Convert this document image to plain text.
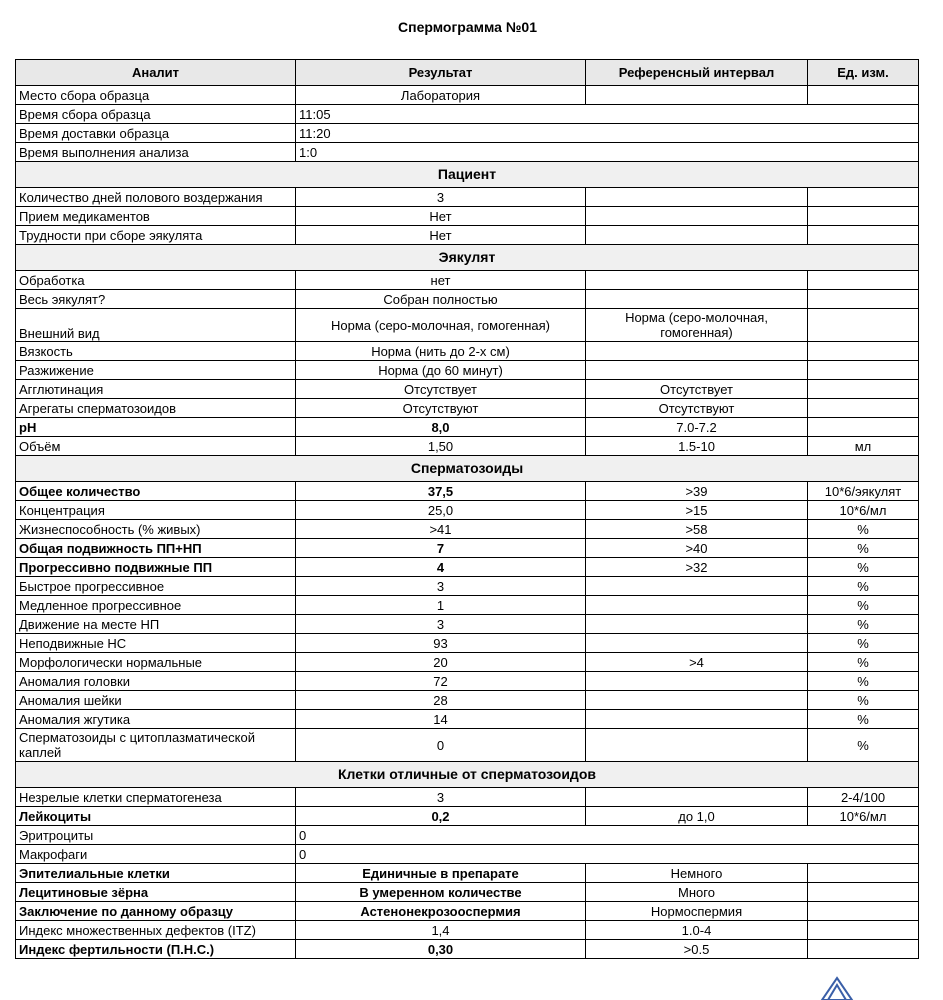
Спермограмма №01
Аналит	Результат	Референсный интервал	Ед. изм.
Место сбора образца	Лаборатория		
Время сбора образца	11:05		
Время доставки образца	11:20		
Время выполнения анализа	1:0		
Пациент			
Количество дней полового воздержания	3		
Прием медикаментов	Нет		
Трудности при сборе эякулята	Нет		
Эякулят			
Обработка	нет		
Весь эякулят?	Собран полностью		
Внешний вид	Норма (серо-молочная, гомогенная)	Норма (серо-молочная, гомогенная)	
Вязкость	Норма (нить до 2-х см)		
Разжижение	Норма (до 60 минут)		
Агглютинация	Отсутствует	Отсутствует	
Агрегаты сперматозоидов	Отсутствуют	Отсутствуют	
pH	8,0	7.0-7.2	
Объём	1,50	1.5-10	мл
Сперматозоиды			
Общее количество	37,5	>39	10*6/эякулят
Концентрация	25,0	>15	10*6/мл
Жизнеспособность (% живых)	>41	>58	%
Общая подвижность ПП+НП	7	>40	%
Прогрессивно подвижные ПП	4	>32	%
Быстрое прогрессивное	3		%
Медленное прогрессивное	1		%
Движение на месте НП	3		%
Неподвижные НС	93		%
Морфологически нормальные	20	>4	%
Аномалия головки	72		%
Аномалия шейки	28		%
Аномалия жгутика	14		%
Сперматозоиды с цитоплазматической каплей	0		%
Клетки отличные от сперматозоидов			
Незрелые клетки сперматогенеза	3		2-4/100
Лейкоциты	0,2	до 1,0	10*6/мл
Эритроциты	0		
Макрофаги	0		
Эпителиальные клетки	Единичные в препарате	Немного	
Лецитиновые зёрна	В умеренном количестве	Много	
Заключение по данному образцу	Астенонекрозооспермия	Нормоспермия	
Индекс множественных дефектов (ITZ)	1,4	1.0-4	
Индекс фертильности (П.Н.С.)	0,30	>0.5	
